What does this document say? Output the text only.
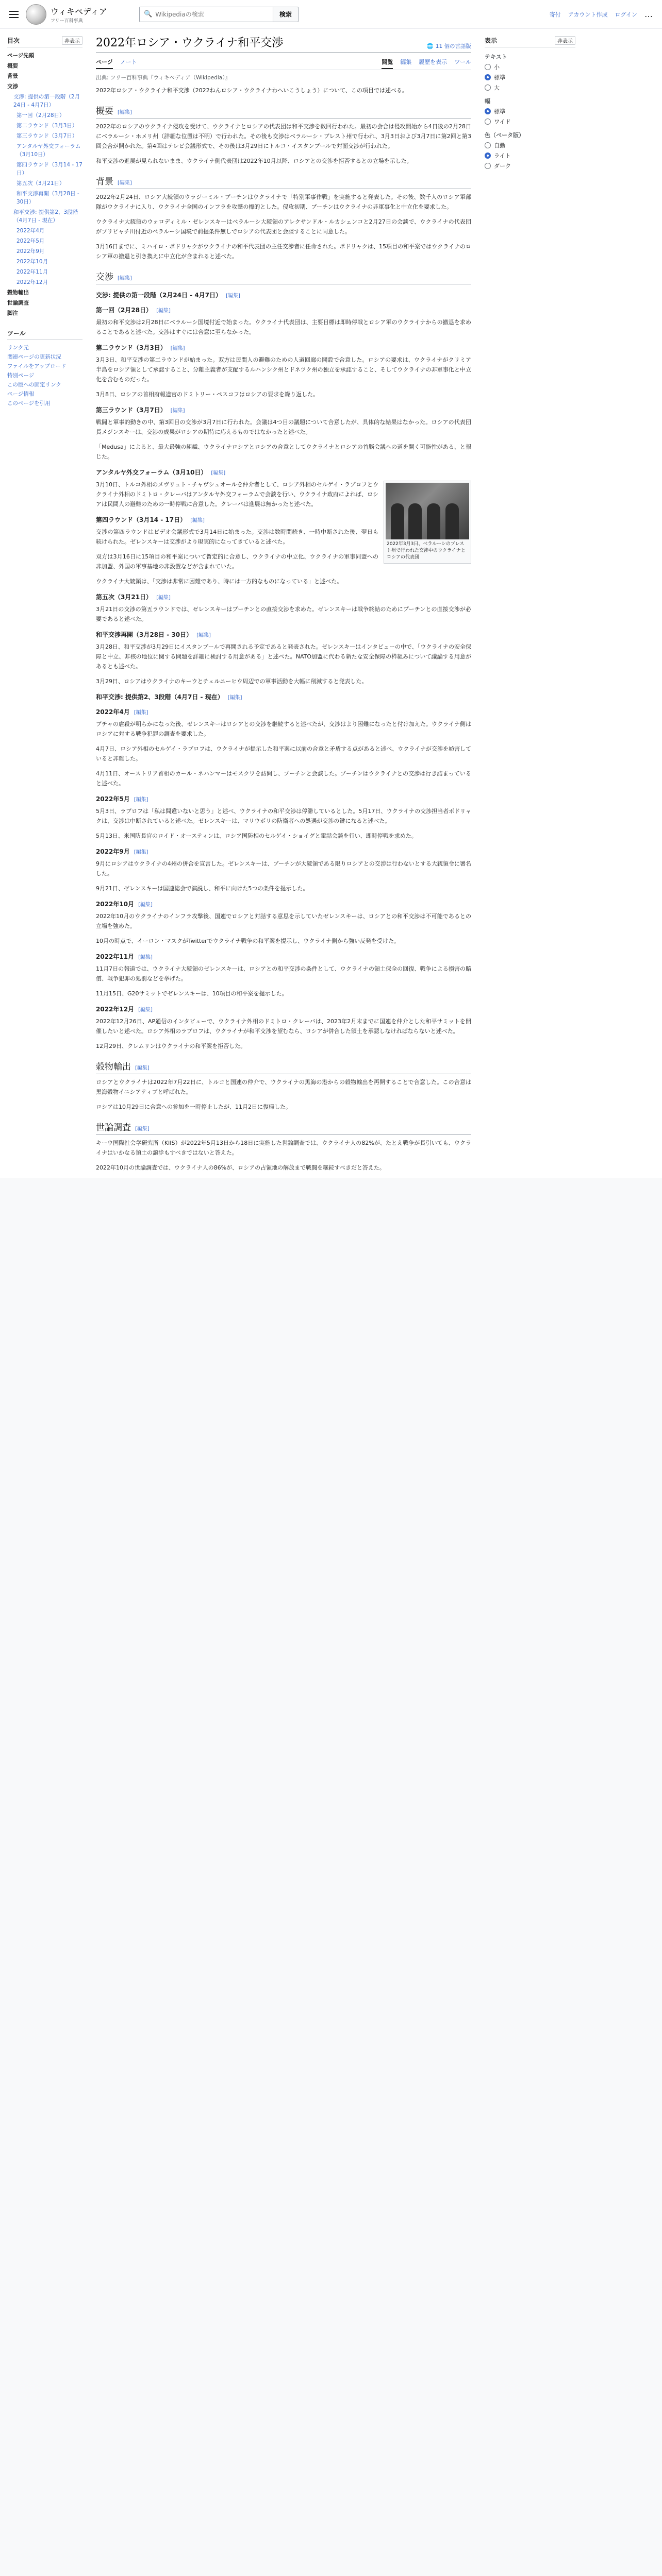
ウィキペディア
フリー百科事典
🔍
Wikipediaの検索	検索	寄付 アカウント作成 ログイン …
目次	非表示
ページ先頭
概要
背景
交渉
交渉: 提供の第一段階（2月24日 - 4月7日）
第一回（2月28日）
第二ラウンド（3月3日）
第三ラウンド（3月7日）
アンタルヤ外交フォーラム（3月10日）
第四ラウンド（3月14 - 17日）
第五次（3月21日）
和平交渉再開（3月28日 - 30日）
和平交渉: 提供第2、3段階（4月7日 - 現在）
2022年4月
2022年5月
2022年9月
2022年10月
2022年11月
2022年12月
穀物輸出
世論調査
脚注
ツール
リンク元
関連ページの更新状況
ファイルをアップロード
特別ページ
この版への固定リンク
ページ情報
このページを引用
2022年ロシア・ウクライナ和平交渉	🌐 11 個の言語版
ページ ノート	閲覧 編集 履歴を表示 ツール
出典: フリー百科事典『ウィキペディア（Wikipedia）』

2022年ロシア・ウクライナ和平交渉（2022ねんロシア・ウクライナわへいこうしょう）について、この項目では述べる。

概要 [編集]

2022年のロシアのウクライナ侵攻を受けて、ウクライナとロシアの代表団は和平交渉を数回行われた。最初の会合は侵攻開始から4日後の2月28日にベラルーシ・ホメリ州（詳細な位置は不明）で行われた。その後も交渉はベラルーシ・ブレスト州で行われ、3月3日および3月7日に第2回と第3回会合が開かれた。第4回はテレビ会議形式で、その後は3月29日にトルコ・イスタンブールで対面交渉が行われた。

和平交渉の進展が見られないまま、ウクライナ側代表団は2022年10月以降、ロシアとの交渉を拒否するとの立場を示した。

背景 [編集]

2022年2月24日、ロシア大統領のウラジーミル・プーチンはウクライナで「特別軍事作戦」を実施すると発表した。その後、数千人のロシア軍部隊がウクライナに入り、ウクライナ全国のインフラを攻撃の標的とした。侵攻初期、プーチンはウクライナの非軍事化と中立化を要求した。

ウクライナ大統領のウォロディミル・ゼレンスキーはベラルーシ大統領のアレクサンドル・ルカシェンコと2月27日の会談で、ウクライナの代表団がプリピャチ川付近のベラルーシ国境で前提条件無しでロシアの代表団と会談することに同意した。

3月16日までに、ミハイロ・ポドリャクがウクライナの和平代表団の主任交渉者に任命された。ポドリャクは、15項目の和平案ではウクライナのロシア軍の撤退と引き換えに中立化が含まれると述べた。

交渉 [編集]
交渉: 提供の第一段階（2月24日 - 4月7日） [編集]
第一回（2月28日） [編集]

最初の和平交渉は2月28日にベラルーシ国境付近で始まった。ウクライナ代表団は、主要目標は即時停戦とロシア軍のウクライナからの撤退を求めることであると述べた。交渉はすぐには合意に至らなかった。

第二ラウンド（3月3日） [編集]

3月3日、和平交渉の第二ラウンドが始まった。双方は民間人の避難のための人道回廊の開設で合意した。ロシアの要求は、ウクライナがクリミア半島をロシア領として承認すること、分離主義者が支配するルハンシク州とドネツク州の独立を承認すること、そしてウクライナの非軍事化と中立化を含むものだった。

3月8日、ロシアの首相府報道官のドミトリー・ペスコフはロシアの要求を繰り返した。

第三ラウンド（3月7日） [編集]

戦闘と軍事的動きの中、第3回目の交渉が3月7日に行われた。会議は4つ目の議題について合意したが、具体的な結果はなかった。ロシアの代表団長メジンスキーは、交渉の成果がロシアの期待に応えるものではなかったと述べた。

「Medusa」によると、最大最強の組織、ウクライナロシアとロシアの合意としてウクライナとロシアの首脳会議への道を開く可能性がある、と報じた。

アンタルヤ外交フォーラム（3月10日） [編集]
2022年3月3日、ベラルーシのブレスト州で行われた交渉中のウクライナとロシアの代表団

3月10日、トルコ外相のメヴリュト・チャヴシュオールを仲介者として、ロシア外相のセルゲイ・ラブロフとウクライナ外相のドミトロ・クレーバはアンタルヤ外交フォーラムで会談を行い、ウクライナ政府によれば、ロシアは民間人の避難のための一時停戦に合意した。クレーバは進展は無かったと述べた。

第四ラウンド（3月14 - 17日） [編集]

交渉の第四ラウンドはビデオ会議形式で3月14日に始まった。交渉は数時間続き、一時中断された後、翌日も続けられた。ゼレンスキーは交渉がより現実的になってきていると述べた。

双方は3月16日に15項目の和平案について暫定的に合意し、ウクライナの中立化、ウクライナの軍事同盟への非加盟、外国の軍事基地の非設置などが含まれていた。

ウクライナ大統領は、「交渉は非常に困難であり、時には一方的なものになっている」と述べた。

第五次（3月21日） [編集]

3月21日の交渉の第五ラウンドでは、ゼレンスキーはプーチンとの直接交渉を求めた。ゼレンスキーは戦争終結のためにプーチンとの直接交渉が必要であると述べた。

和平交渉再開（3月28日 - 30日） [編集]

3月28日、和平交渉が3月29日にイスタンブールで再開される予定であると発表された。ゼレンスキーはインタビューの中で、「ウクライナの安全保障と中立、非核の地位に関する問題を詳細に検討する用意がある」と述べた。NATO加盟に代わる新たな安全保障の枠組みについて議論する用意があるとも述べた。

3月29日、ロシアはウクライナのキーウとチェルニーヒウ周辺での軍事活動を大幅に削減すると発表した。

和平交渉: 提供第2、3段階（4月7日 - 現在） [編集]
2022年4月 [編集]

ブチャの虐殺が明らかになった後、ゼレンスキーはロシアとの交渉を継続すると述べたが、交渉はより困難になったと付け加えた。ウクライナ側はロシアに対する戦争犯罪の調査を要求した。

4月7日、ロシア外相のセルゲイ・ラブロフは、ウクライナが提示した和平案に以前の合意と矛盾する点があると述べ、ウクライナが交渉を妨害していると非難した。

4月11日、オーストリア首相のカール・ネハンマーはモスクワを訪問し、プーチンと会談した。プーチンはウクライナとの交渉は行き詰まっていると述べた。

2022年5月 [編集]

5月3日、ラブロフは「私は間違いないと思う」と述べ、ウクライナの和平交渉は停滞しているとした。5月17日、ウクライナの交渉担当者ポドリャクは、交渉は中断されていると述べた。ゼレンスキーは、マリウポリの防衛者への処遇が交渉の鍵になると述べた。

5月13日、米国防長官のロイド・オースティンは、ロシア国防相のセルゲイ・ショイグと電話会談を行い、即時停戦を求めた。

2022年9月 [編集]

9月にロシアはウクライナの4州の併合を宣言した。ゼレンスキーは、プーチンが大統領である限りロシアとの交渉は行わないとする大統領令に署名した。

9月21日、ゼレンスキーは国連総会で演説し、和平に向けた5つの条件を提示した。

2022年10月 [編集]

2022年10月のウクライナのインフラ攻撃後、国連でロシアと対話する意思を示していたゼレンスキーは、ロシアとの和平交渉は不可能であるとの立場を強めた。

10月の時点で、イーロン・マスクがTwitterでウクライナ戦争の和平案を提示し、ウクライナ側から強い反発を受けた。

2022年11月 [編集]

11月7日の報道では、ウクライナ大統領のゼレンスキーは、ロシアとの和平交渉の条件として、ウクライナの領土保全の回復、戦争による損害の賠償、戦争犯罪の処罰などを挙げた。

11月15日、G20サミットでゼレンスキーは、10項目の和平案を提示した。

2022年12月 [編集]

2022年12月26日、AP通信のインタビューで、ウクライナ外相のドミトロ・クレーバは、2023年2月末までに国連を仲介とした和平サミットを開催したいと述べた。ロシア外相のラブロフは、ウクライナが和平交渉を望むなら、ロシアが併合した領土を承認しなければならないと述べた。

12月29日、クレムリンはウクライナの和平案を拒否した。

穀物輸出 [編集]

ロシアとウクライナは2022年7月22日に、トルコと国連の仲介で、ウクライナの黒海の港からの穀物輸出を再開することで合意した。この合意は黒海穀物イニシアティブと呼ばれた。

ロシアは10月29日に合意への参加を一時停止したが、11月2日に復帰した。

世論調査 [編集]

キーウ国際社会学研究所（KIIS）が2022年5月13日から18日に実施した世論調査では、ウクライナ人の82%が、たとえ戦争が長引いても、ウクライナはいかなる領土の譲歩もすべきではないと答えた。

2022年10月の世論調査では、ウクライナ人の86%が、ロシアの占領地の解放まで戦闘を継続すべきだと答えた。

表示	非表示
テキスト
小
標準
大
幅
標準
ワイド
色（ベータ版）
自動
ライト
ダーク
